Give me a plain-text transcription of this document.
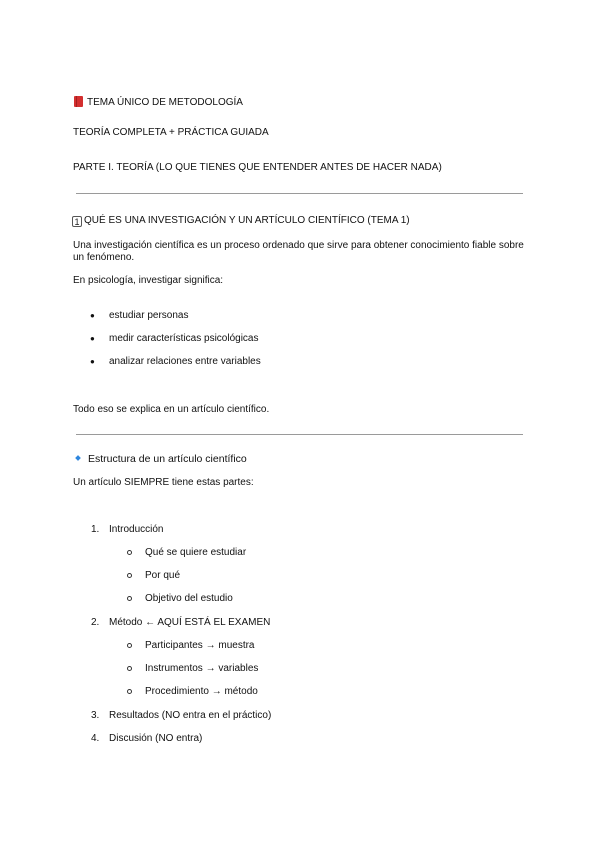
TEMA ÚNICO DE METODOLOGÍA
TEORÍA COMPLETA + PRÁCTICA GUIADA
PARTE I. TEORÍA (LO QUE TIENES QUE ENTENDER ANTES DE HACER NADA)
1 QUÉ ES UNA INVESTIGACIÓN Y UN ARTÍCULO CIENTÍFICO (TEMA 1)

Una investigación científica es un proceso ordenado que sirve para obtener conocimiento fiable sobre un fenómeno.

En psicología, investigar significa:
● estudiar personas
● medir características psicológicas
● analizar relaciones entre variables
Todo eso se explica en un artículo científico.
Estructura de un artículo científico
Un artículo SIEMPRE tiene estas partes:
1. Introducción
Qué se quiere estudiar
Por qué
Objetivo del estudio
2. Método ← AQUÍ ESTÁ EL EXAMEN
Participantes → muestra
Instrumentos → variables
Procedimiento → método
3. Resultados (NO entra en el práctico)
4. Discusión (NO entra)
